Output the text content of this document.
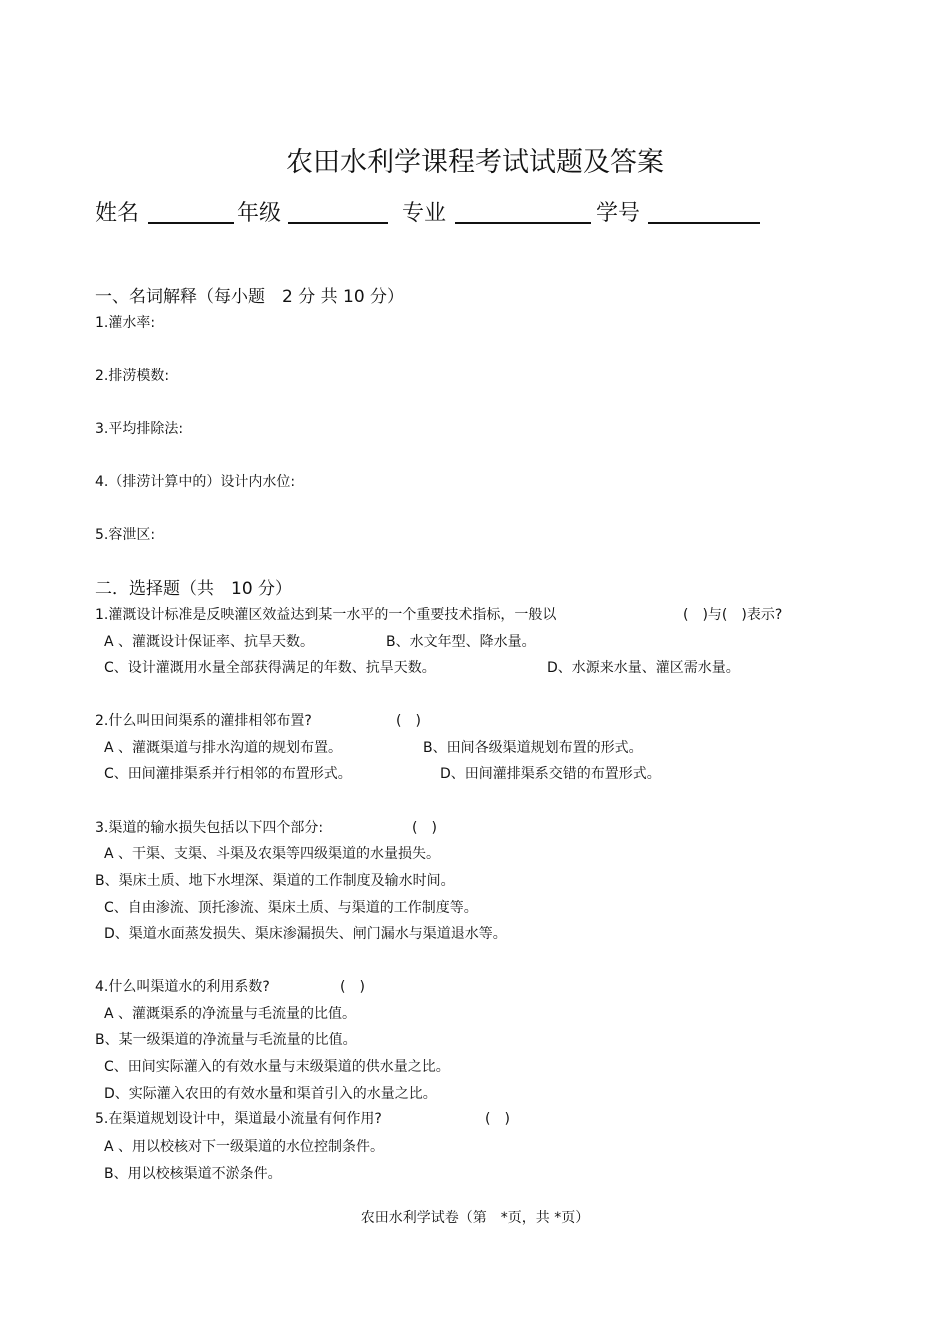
农田水利学课程考试试题及答案
姓名	年级	专业	学号
一、名词解释（每小题　2 分 共 10 分）
1.灌水率:
2.排涝模数:
3.平均排除法:
4.（排涝计算中的）设计内水位:
5.容泄区:
二．选择题（共　10 分）
1.灌溉设计标准是反映灌区效益达到某一水平的一个重要技术指标，一般以	(　)与(　)表示?
A 、灌溉设计保证率、抗旱天数。	B、水文年型、降水量。
C、设计灌溉用水量全部获得满足的年数、抗旱天数。	D、水源来水量、灌区需水量。
2.什么叫田间渠系的灌排相邻布置?	(　)
A 、灌溉渠道与排水沟道的规划布置。	B、田间各级渠道规划布置的形式。
C、田间灌排渠系并行相邻的布置形式。	D、田间灌排渠系交错的布置形式。
3.渠道的输水损失包括以下四个部分:	(　)
A 、干渠、支渠、斗渠及农渠等四级渠道的水量损失。
B、渠床土质、地下水埋深、渠道的工作制度及输水时间。
C、自由渗流、顶托渗流、渠床土质、与渠道的工作制度等。
D、渠道水面蒸发损失、渠床渗漏损失、闸门漏水与渠道退水等。
4.什么叫渠道水的利用系数?	(　)
A 、灌溉渠系的净流量与毛流量的比值。
B、某一级渠道的净流量与毛流量的比值。
C、田间实际灌入的有效水量与末级渠道的供水量之比。
D、实际灌入农田的有效水量和渠首引入的水量之比。
5.在渠道规划设计中，渠道最小流量有何作用?	(　)
A 、用以校核对下一级渠道的水位控制条件。
B、用以校核渠道不淤条件。
农田水利学试卷（第　*页，共 *页）
